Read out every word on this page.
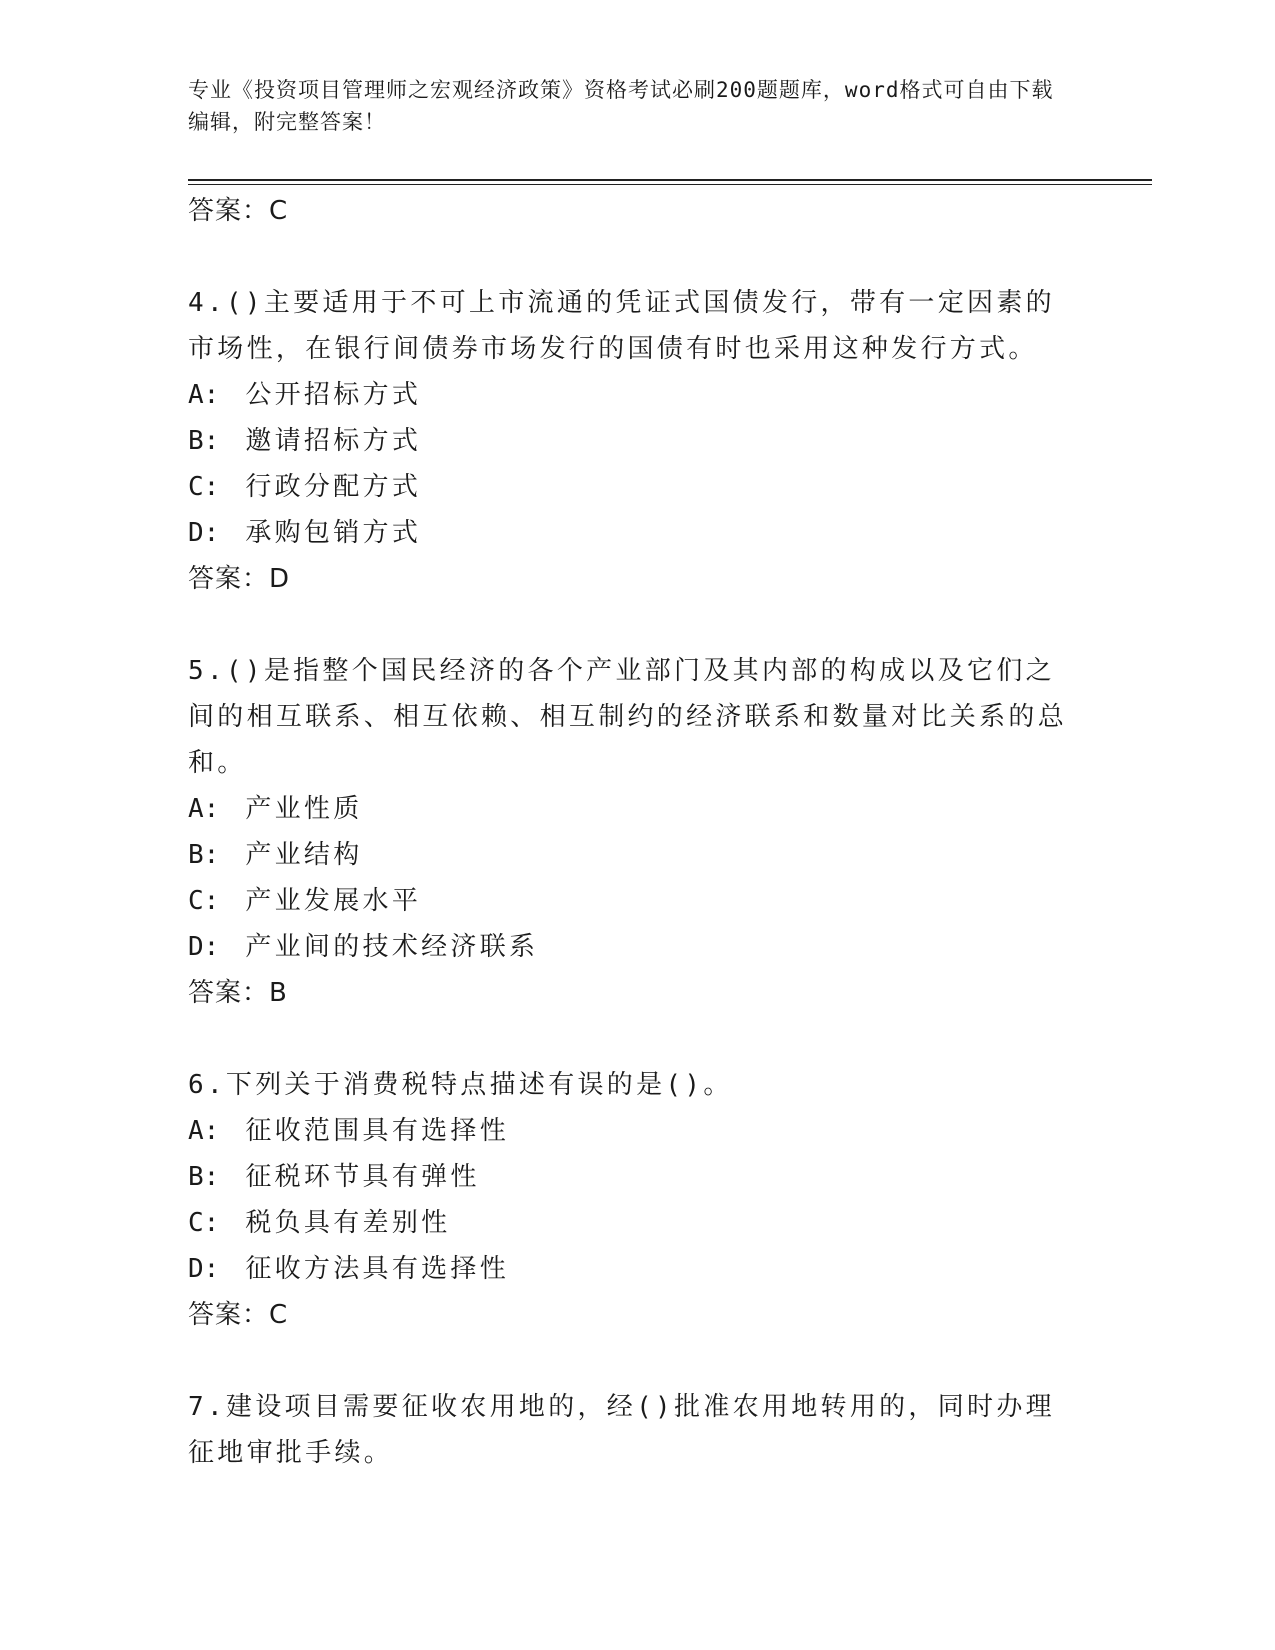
专业《投资项目管理师之宏观经济政策》资格考试必刷200题题库，word格式可自由下载编辑，附完整答案！
答案：C

4.()主要适用于不可上市流通的凭证式国债发行，带有一定因素的市场性，在银行间债券市场发行的国债有时也采用这种发行方式。

A: 公开招标方式
B: 邀请招标方式
C: 行政分配方式
D: 承购包销方式
答案：D

5.()是指整个国民经济的各个产业部门及其内部的构成以及它们之间的相互联系、相互依赖、相互制约的经济联系和数量对比关系的总和。

A: 产业性质
B: 产业结构
C: 产业发展水平
D: 产业间的技术经济联系
答案：B

6.下列关于消费税特点描述有误的是()。

A: 征收范围具有选择性
B: 征税环节具有弹性
C: 税负具有差别性
D: 征收方法具有选择性
答案：C

7.建设项目需要征收农用地的，经()批准农用地转用的，同时办理征地审批手续。
